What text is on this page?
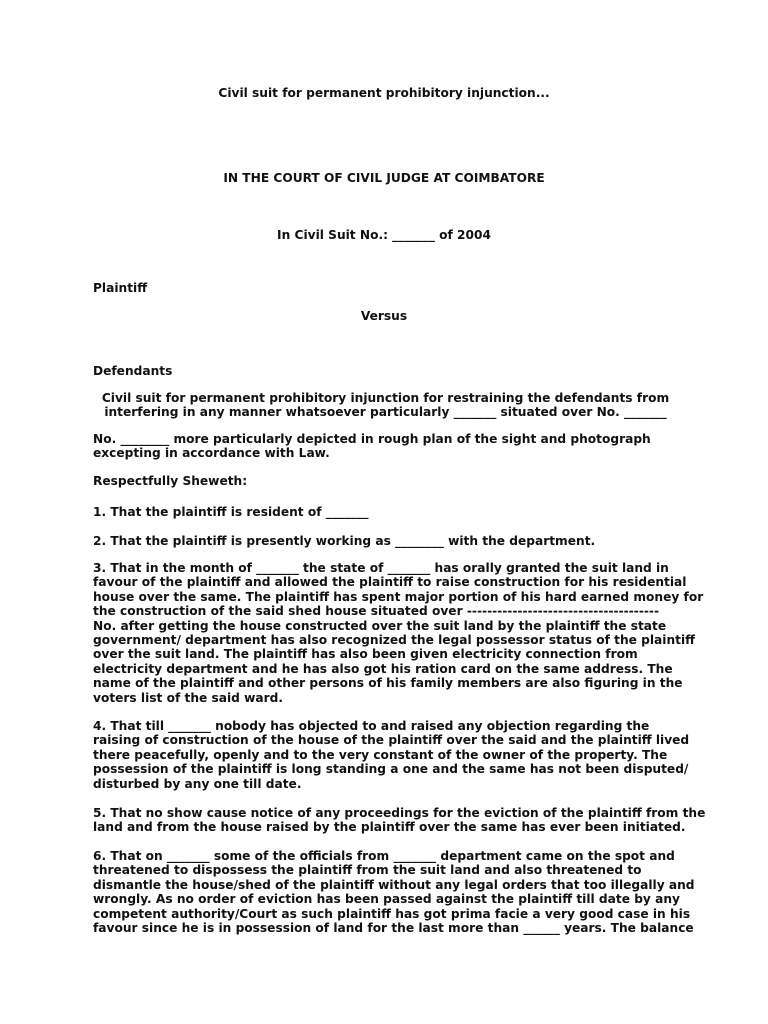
Civil suit for permanent prohibitory injunction...
IN THE COURT OF CIVIL JUDGE AT COIMBATORE
In Civil Suit No.: _______ of 2004
Plaintiff
Versus
Defendants
Civil suit for permanent prohibitory injunction for restraining the defendants from
interfering in any manner whatsoever particularly _______ situated over No. _______
No. ________ more particularly depicted in rough plan of the sight and photograph
excepting in accordance with Law.
Respectfully Sheweth:
1. That the plaintiff is resident of _______
2. That the plaintiff is presently working as ________ with the department.
3. That in the month of _______ the state of _______ has orally granted the suit land in
favour of the plaintiff and allowed the plaintiff to raise construction for his residential
house over the same. The plaintiff has spent major portion of his hard earned money for
the construction of the said shed house situated over --------------------------------------
No. after getting the house constructed over the suit land by the plaintiff the state
government/ department has also recognized the legal possessor status of the plaintiff
over the suit land. The plaintiff has also been given electricity connection from
electricity department and he has also got his ration card on the same address. The
name of the plaintiff and other persons of his family members are also figuring in the
voters list of the said ward.
4. That till _______ nobody has objected to and raised any objection regarding the
raising of construction of the house of the plaintiff over the said and the plaintiff lived
there peacefully, openly and to the very constant of the owner of the property. The
possession of the plaintiff is long standing a one and the same has not been disputed/
disturbed by any one till date.
5. That no show cause notice of any proceedings for the eviction of the plaintiff from the
land and from the house raised by the plaintiff over the same has ever been initiated.
6. That on _______ some of the officials from _______ department came on the spot and
threatened to dispossess the plaintiff from the suit land and also threatened to
dismantle the house/shed of the plaintiff without any legal orders that too illegally and
wrongly. As no order of eviction has been passed against the plaintiff till date by any
competent authority/Court as such plaintiff has got prima facie a very good case in his
favour since he is in possession of land for the last more than ______ years. The balance
